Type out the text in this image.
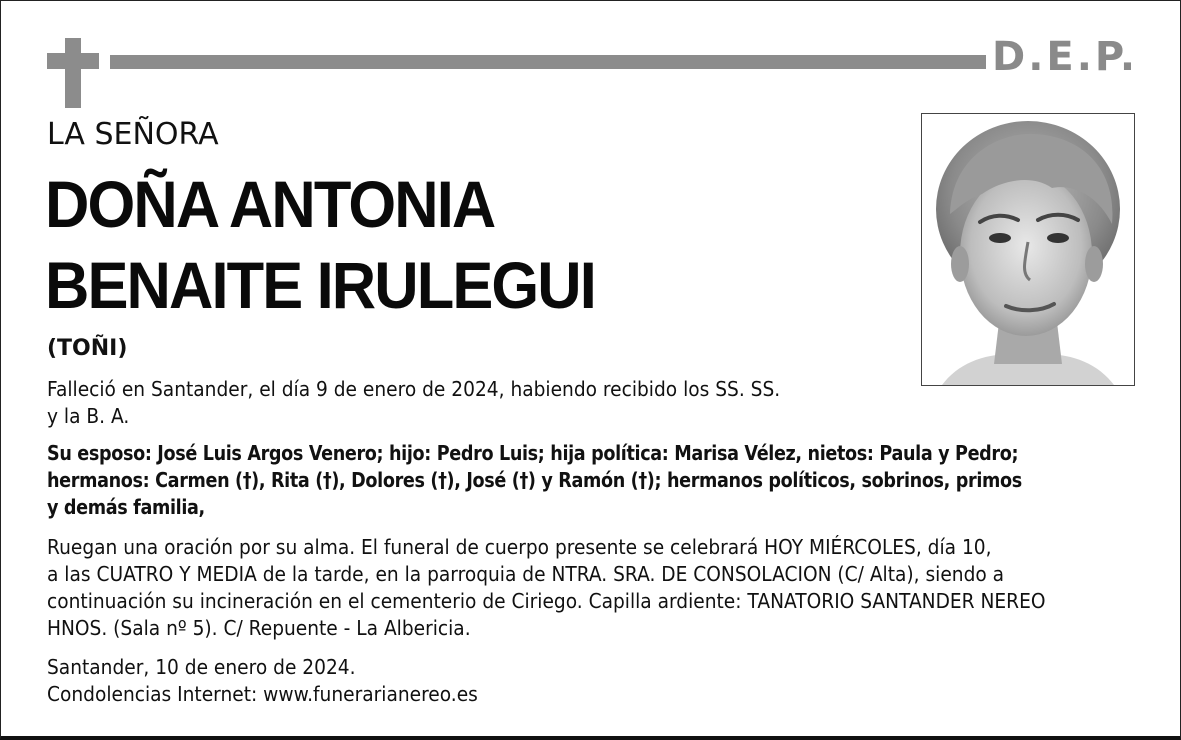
D.E.P.
LA SEÑORA
DOÑA ANTONIA
BENAITE IRULEGUI
(TOÑI)
Falleció en Santander, el día 9 de enero de 2024, habiendo recibido los SS. SS.
y la B. A.
Su esposo: José Luis Argos Venero; hijo: Pedro Luis; hija política: Marisa Vélez, nietos: Paula y Pedro;
hermanos: Carmen (†), Rita (†), Dolores (†), José (†) y Ramón (†); hermanos políticos, sobrinos, primos
y demás familia,
Ruegan una oración por su alma. El funeral de cuerpo presente se celebrará HOY MIÉRCOLES, día 10,
a las CUATRO Y MEDIA de la tarde, en la parroquia de NTRA. SRA. DE CONSOLACION (C/ Alta), siendo a
continuación su incineración en el cementerio de Ciriego. Capilla ardiente: TANATORIO SANTANDER NEREO
HNOS. (Sala nº 5). C/ Repuente - La Albericia.
Santander, 10 de enero de 2024.
Condolencias Internet: www.funerarianereo.es
